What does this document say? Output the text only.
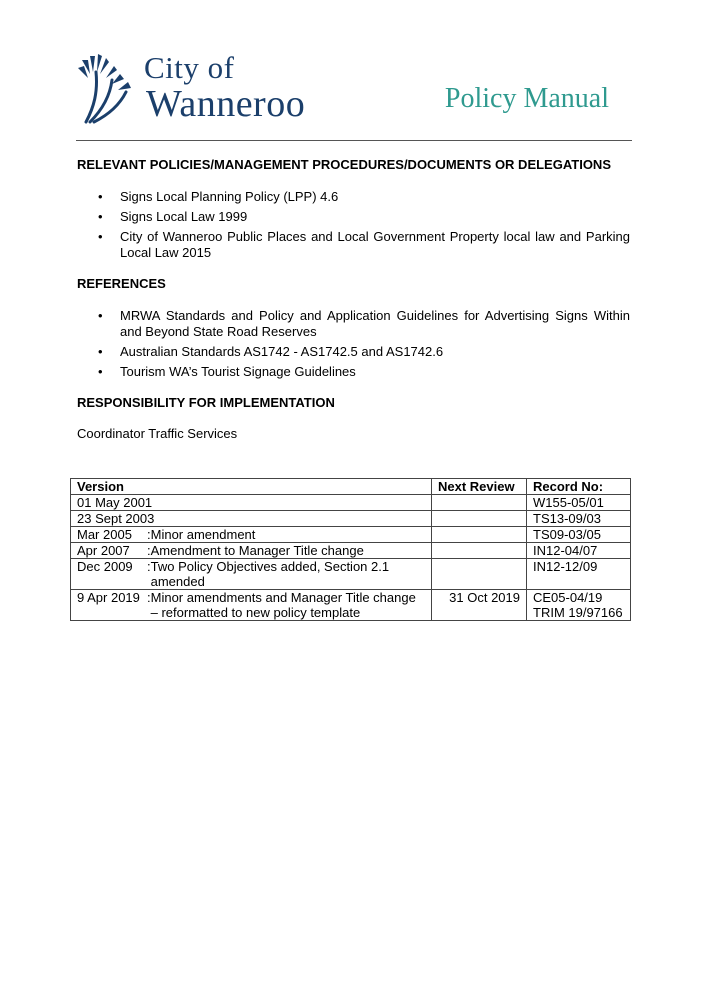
City of
Wanneroo	Policy Manual
RELEVANT POLICIES/MANAGEMENT PROCEDURES/DOCUMENTS OR DELEGATIONS
• Signs Local Planning Policy (LPP) 4.6
• Signs Local Law 1999
• City of Wanneroo Public Places and Local Government Property local law and Parking Local Law 2015
REFERENCES
• MRWA Standards and Policy and Application Guidelines for Advertising Signs Within and Beyond State Road Reserves
• Australian Standards AS1742 - AS1742.5 and AS1742.6
• Tourism WA’s Tourist Signage Guidelines
RESPONSIBILITY FOR IMPLEMENTATION
Coordinator Traffic Services
Version	Next Review	Record No:
01 May 2001		W155-05/01
23 Sept 2003		TS13-09/03
Mar 2005 :Minor amendment		TS09-03/05
Apr 2007 :Amendment to Manager Title change		IN12-04/07
Dec 2009 :Two Policy Objectives added, Section 2.1 amended		IN12-12/09
9 Apr 2019 :Minor amendments and Manager Title change – reformatted to new policy template	31 Oct 2019	CE05-04/19
TRIM 19/97166
